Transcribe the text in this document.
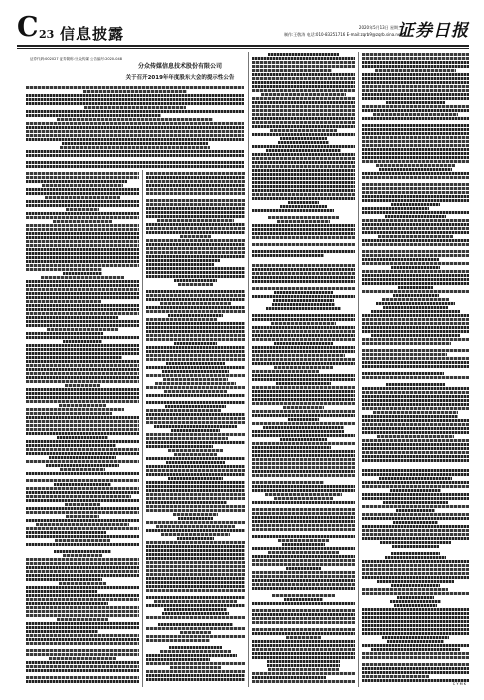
C 23 信息披露	2020年5月13日 星期三
制作:王敬涛 电话:010-83251716 E-mail:zqrb9@zqrb.sina.net
证券日报
证券代码:002027 证券简称:分众传媒 公告编号:2020-048
分众传媒信息技术股份有限公司
关于召开2019年年度股东大会的提示性公告
C Y M K
